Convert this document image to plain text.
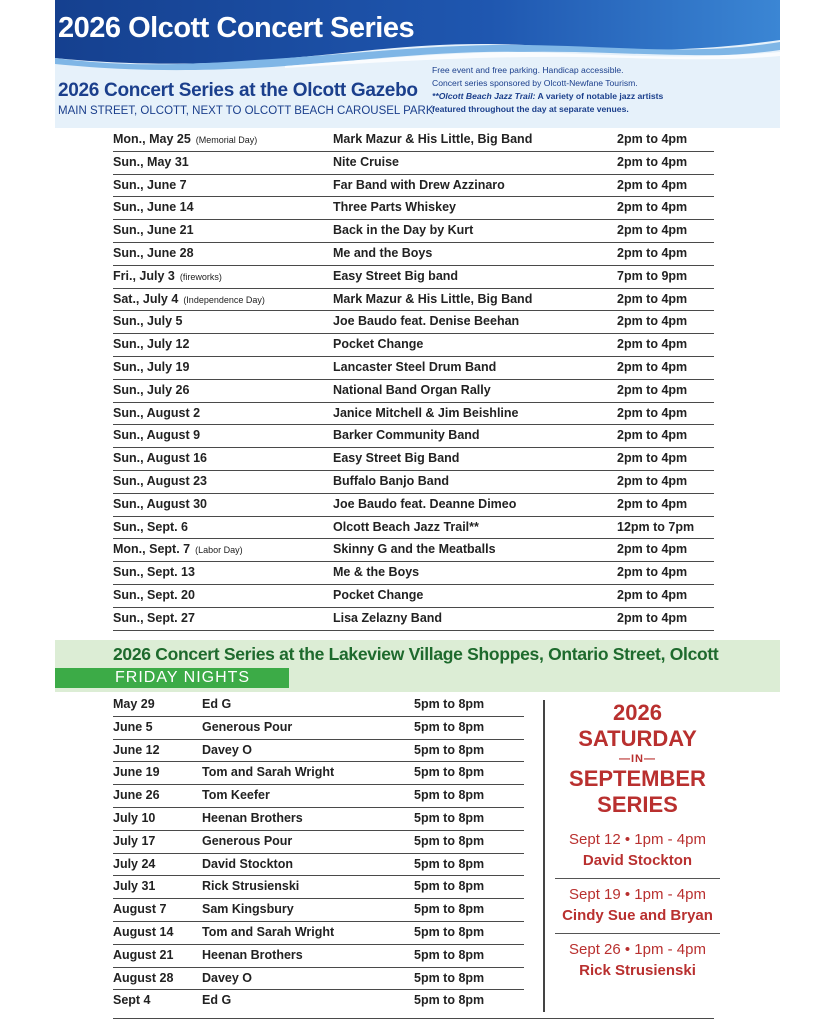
2026 Olcott Concert Series
2026 Concert Series at the Olcott Gazebo
MAIN STREET, OLCOTT, NEXT TO OLCOTT BEACH CAROUSEL PARK
Free event and free parking. Handicap accessible.
Concert series sponsored by Olcott-Newfane Tourism.
**Olcott Beach Jazz Trail: A variety of notable jazz artists
featured throughout the day at separate venues.
Mon., May 25 (Memorial Day)	Mark Mazur & His Little, Big Band	2pm to 4pm
Sun., May 31	Nite Cruise	2pm to 4pm
Sun., June 7	Far Band with Drew Azzinaro	2pm to 4pm
Sun., June 14	Three Parts Whiskey	2pm to 4pm
Sun., June 21	Back in the Day by Kurt	2pm to 4pm
Sun., June 28	Me and the Boys	2pm to 4pm
Fri., July 3 (fireworks)	Easy Street Big band	7pm to 9pm
Sat., July 4 (Independence Day)	Mark Mazur & His Little, Big Band	2pm to 4pm
Sun., July 5	Joe Baudo feat. Denise Beehan	2pm to 4pm
Sun., July 12	Pocket Change	2pm to 4pm
Sun., July 19	Lancaster Steel Drum Band	2pm to 4pm
Sun., July 26	National Band Organ Rally	2pm to 4pm
Sun., August 2	Janice Mitchell & Jim Beishline	2pm to 4pm
Sun., August 9	Barker Community Band	2pm to 4pm
Sun., August 16	Easy Street Big Band	2pm to 4pm
Sun., August 23	Buffalo Banjo Band	2pm to 4pm
Sun., August 30	Joe Baudo feat. Deanne Dimeo	2pm to 4pm
Sun., Sept. 6	Olcott Beach Jazz Trail**	12pm to 7pm
Mon., Sept. 7 (Labor Day)	Skinny G and the Meatballs	2pm to 4pm
Sun., Sept. 13	Me & the Boys	2pm to 4pm
Sun., Sept. 20	Pocket Change	2pm to 4pm
Sun., Sept. 27	Lisa Zelazny Band	2pm to 4pm
2026 Concert Series at the Lakeview Village Shoppes, Ontario Street, Olcott
FRIDAY NIGHTS
May 29	Ed G	5pm to 8pm
June 5	Generous Pour	5pm to 8pm
June 12	Davey O	5pm to 8pm
June 19	Tom and Sarah Wright	5pm to 8pm
June 26	Tom Keefer	5pm to 8pm
July 10	Heenan Brothers	5pm to 8pm
July 17	Generous Pour	5pm to 8pm
July 24	David Stockton	5pm to 8pm
July 31	Rick Strusienski	5pm to 8pm
August 7	Sam Kingsbury	5pm to 8pm
August 14 Tom and Sarah Wright	5pm to 8pm
August 21 Heenan Brothers	5pm to 8pm
August 28 Davey O	5pm to 8pm
Sept 4	Ed G	5pm to 8pm
2026
SATURDAY
—IN—
SEPTEMBER
SERIES
Sept 12 • 1pm - 4pm
David Stockton
Sept 19 • 1pm - 4pm
Cindy Sue and Bryan
Sept 26 • 1pm - 4pm
Rick Strusienski
